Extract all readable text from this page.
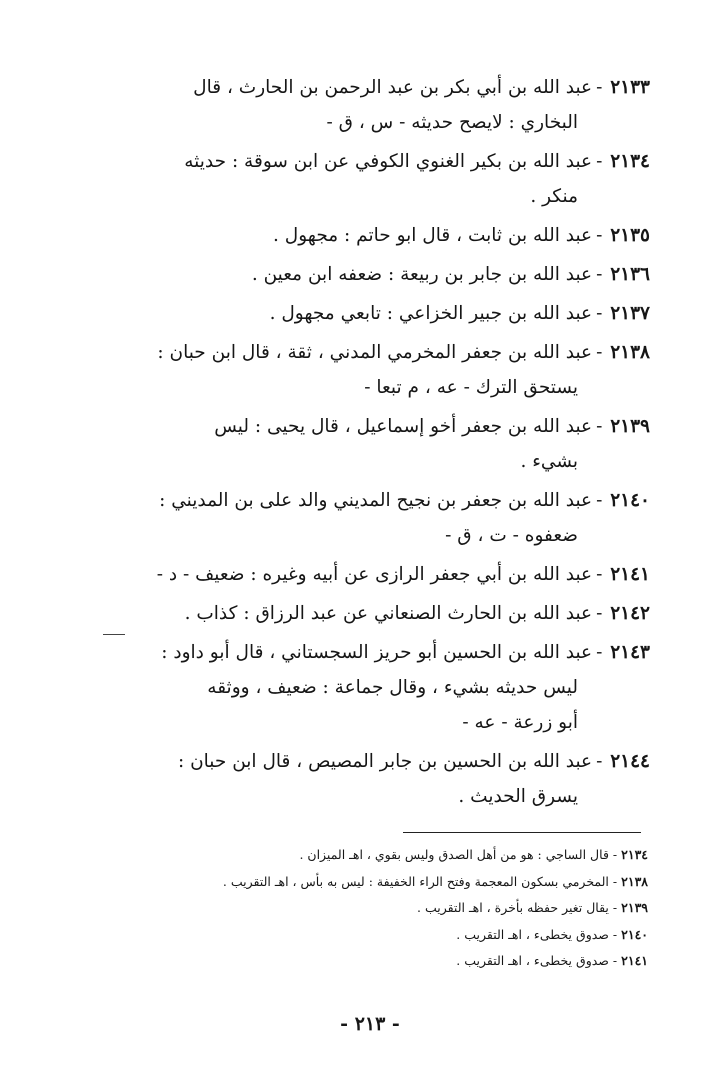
٢١٣٣ -عبد الله بن أبي بكر بن عبد الرحمن بن الحارث ، قال
البخاري : لايصح حديثه - س ، ق -
٢١٣٤ -عبد الله بن بكير الغنوي الكوفي عن ابن سوقة : حديثه
منكر .
٢١٣٥ -عبد الله بن ثابت ، قال ابو حاتم : مجهول .
٢١٣٦ -عبد الله بن جابر بن ربيعة : ضعفه ابن معين .
٢١٣٧ -عبد الله بن جبير الخزاعي : تابعي مجهول .
٢١٣٨ -عبد الله بن جعفر المخرمي المدني ، ثقة ، قال ابن حبان :
يستحق الترك - عه ، م تبعا -
٢١٣٩ -عبد الله بن جعفر أخو إسماعيل ، قال يحيى : ليس
بشيء .
٢١٤٠ -عبد الله بن جعفر بن نجيح المديني والد على بن المديني :
ضعفوه - ت ، ق -
٢١٤١ -عبد الله بن أبي جعفر الرازى عن أبيه وغيره : ضعيف - د -
٢١٤٢ -عبد الله بن الحارث الصنعاني عن عبد الرزاق : كذاب .
٢١٤٣ -عبد الله بن الحسين أبو حريز السجستاني ، قال أبو داود :
ليس حديثه بشيء ، وقال جماعة : ضعيف ، ووثقه
أبو زرعة - عه -
٢١٤٤ -عبد الله بن الحسين بن جابر المصيص ، قال ابن حبان :
يسرق الحديث .
٢١٣٤- قال الساجي : هو من أهل الصدق وليس بقوي ، اهـ الميزان .
٢١٣٨- المخرمي بسكون المعجمة وفتح الراء الخفيفة : ليس به بأس ، اهـ التقريب .
٢١٣٩- يقال تغير حفظه بأخرة ، اهـ التقريب .
٢١٤٠- صدوق يخطىء ، اهـ التقريب .
٢١٤١- صدوق يخطىء ، اهـ التقريب .
- ٢١٣ -
